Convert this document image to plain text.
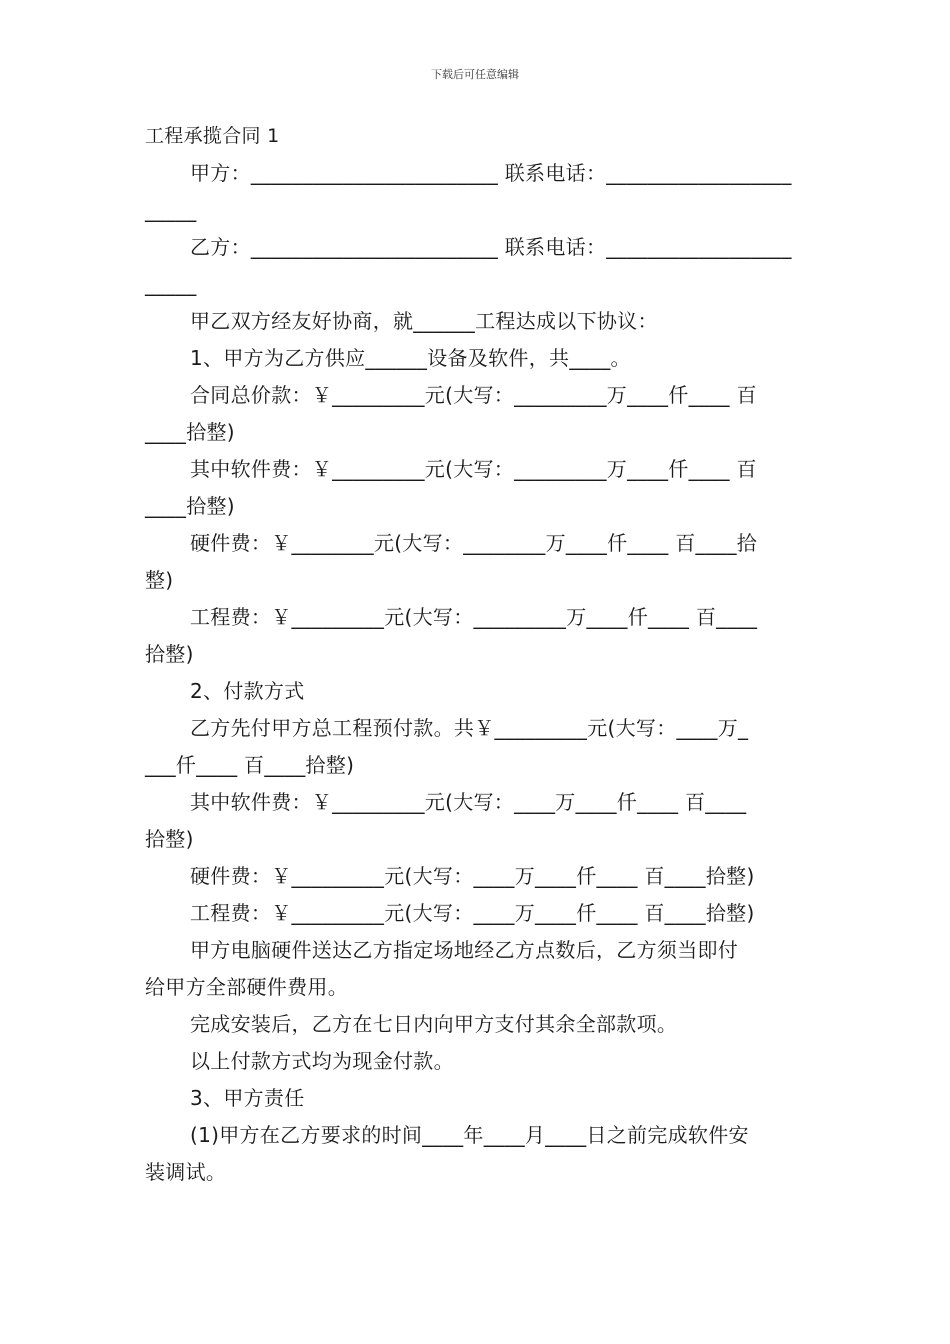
下载后可任意编辑
工程承揽合同 1
甲方：________________________ 联系电话：__________________
_____
乙方：________________________ 联系电话：__________________
_____
甲乙双方经友好协商，就______工程达成以下协议：
1、甲方为乙方供应______设备及软件，共____。
合同总价款：￥_________元(大写：_________万____仟____ 百
____拾整)
其中软件费：￥_________元(大写：_________万____仟____ 百
____拾整)
硬件费：￥________元(大写：________万____仟____ 百____拾
整)
工程费：￥_________元(大写：_________万____仟____ 百____
拾整)
2、付款方式
乙方先付甲方总工程预付款。共￥_________元(大写：____万_
___仟____ 百____拾整)
其中软件费：￥_________元(大写：____万____仟____ 百____
拾整)
硬件费：￥_________元(大写：____万____仟____ 百____拾整)
工程费：￥_________元(大写：____万____仟____ 百____拾整)
甲方电脑硬件送达乙方指定场地经乙方点数后，乙方须当即付
给甲方全部硬件费用。
完成安装后，乙方在七日内向甲方支付其余全部款项。
以上付款方式均为现金付款。
3、甲方责任
(1)甲方在乙方要求的时间____年____月____日之前完成软件安
装调试。
